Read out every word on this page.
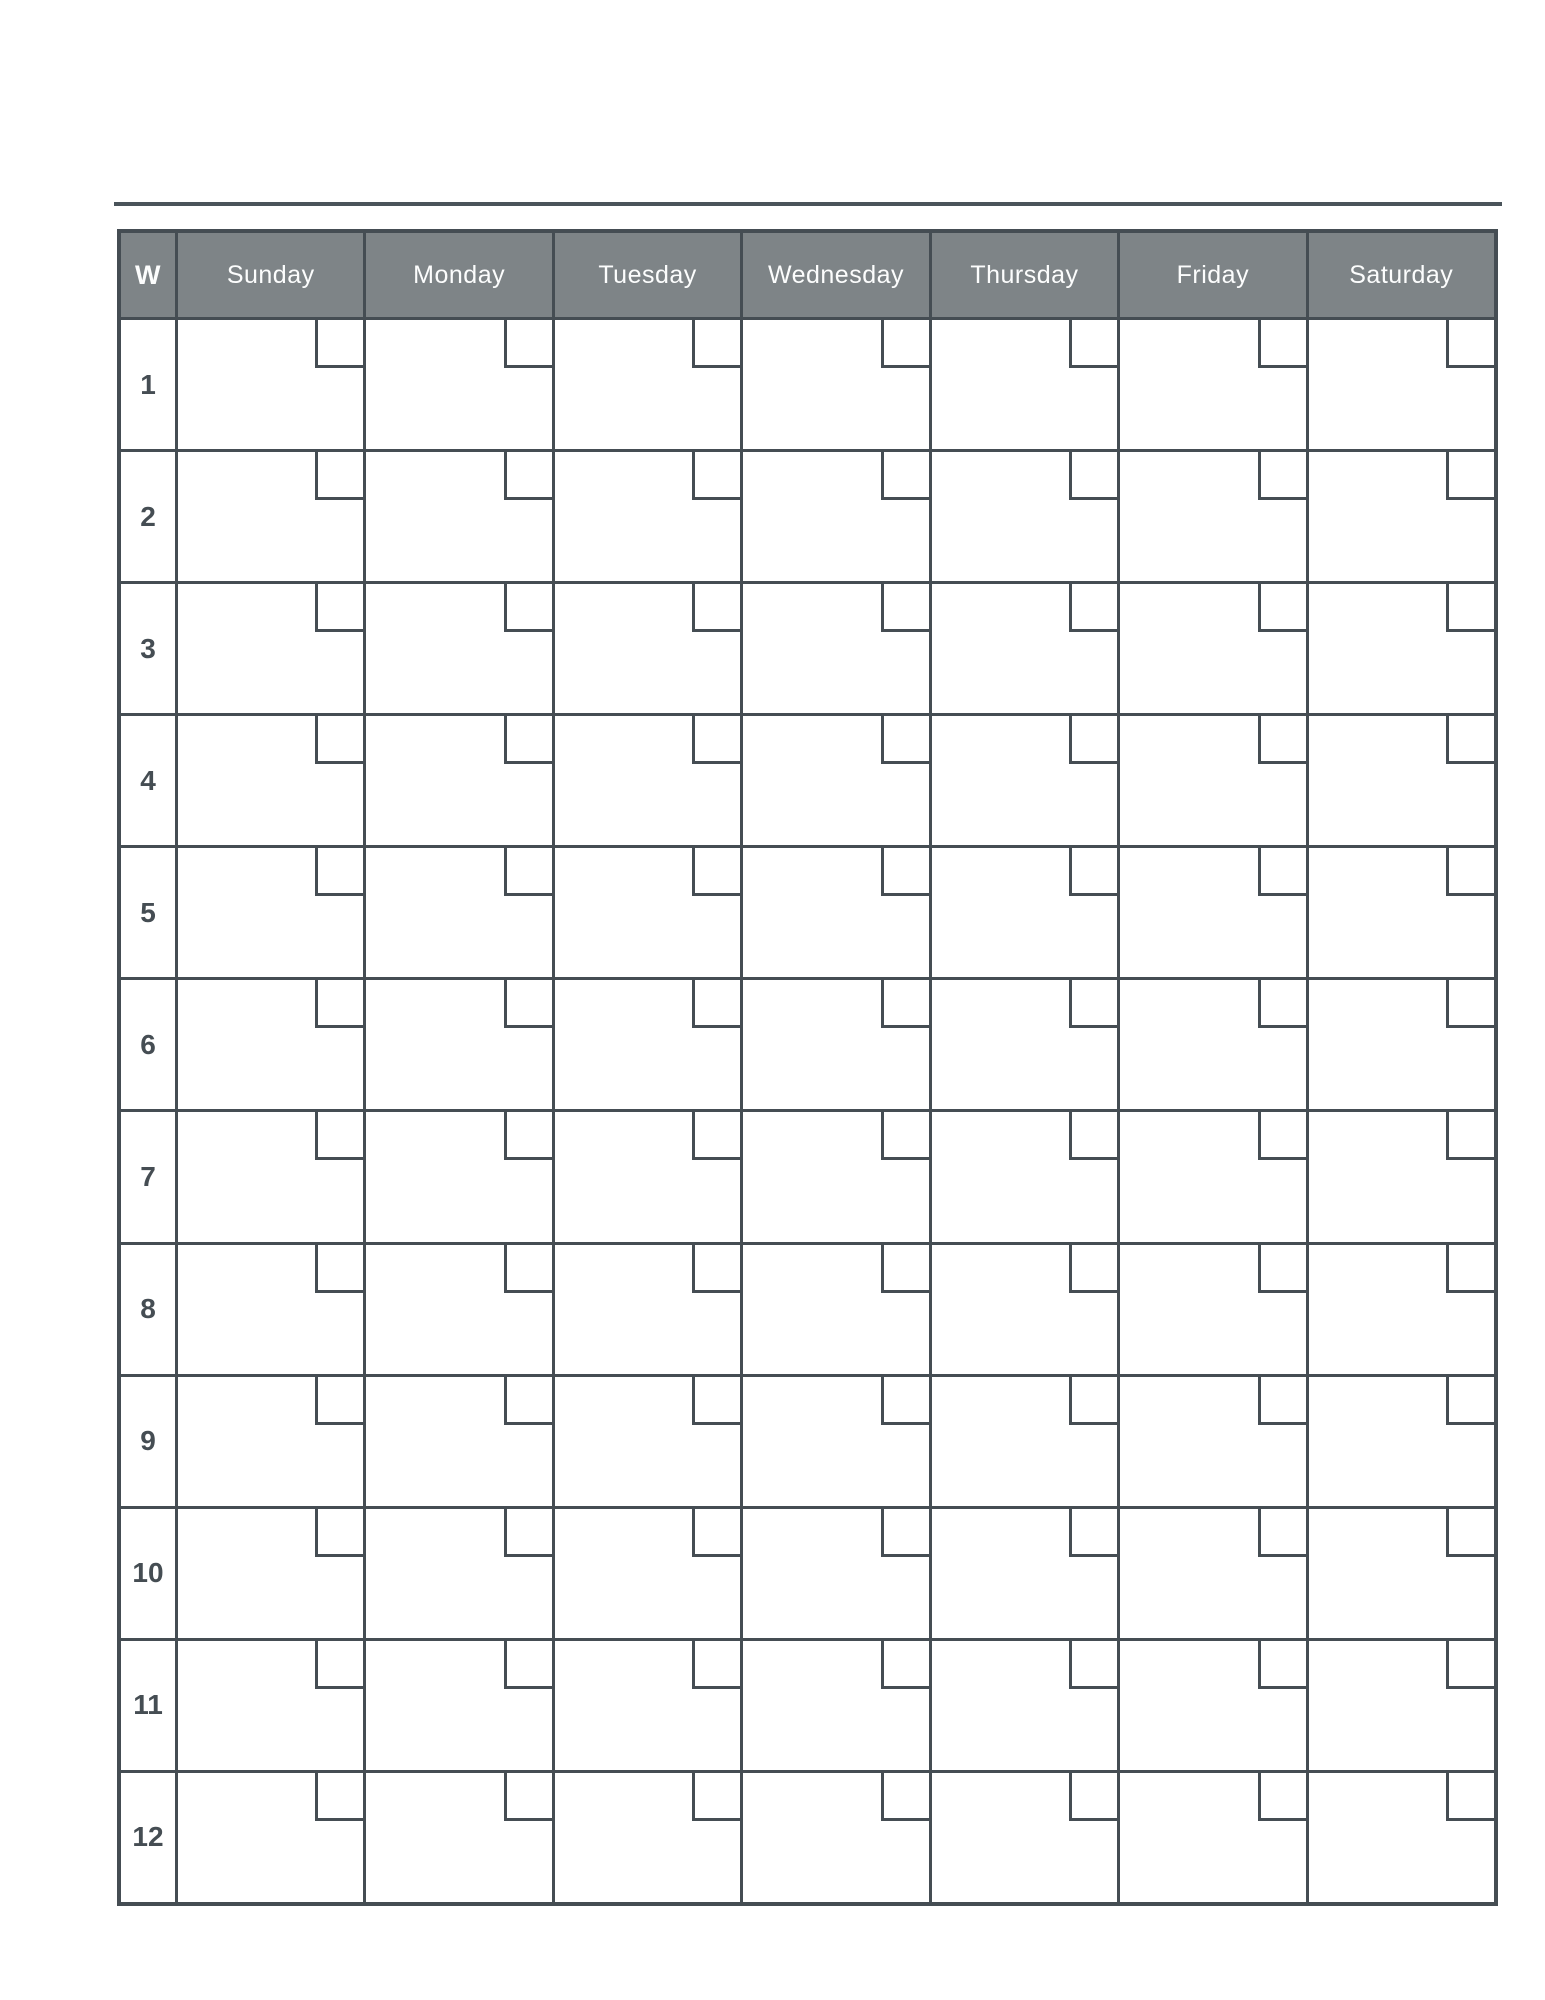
W	Sunday	Monday	Tuesday	Wednesday	Thursday	Friday	Saturday
1
2
3
4
5
6
7
8
9
10
11
12
